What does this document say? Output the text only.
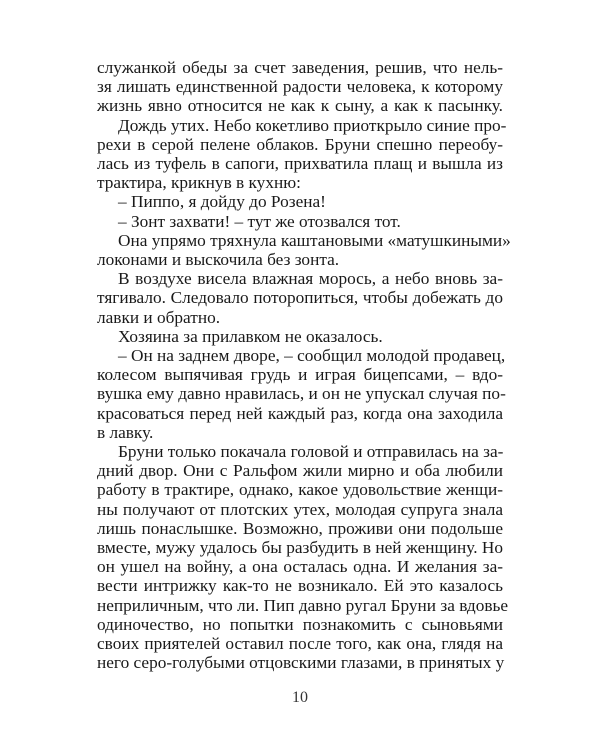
служанкой обеды за счет заведения, решив, что нель-
зя лишать единственной радости человека, к которому
жизнь явно относится не как к сыну, а как к пасынку.
Дождь утих. Небо кокетливо приоткрыло синие про-
рехи в серой пелене облаков. Бруни спешно переобу-
лась из туфель в сапоги, прихватила плащ и вышла из
трактира, крикнув в кухню:
– Пиппо, я дойду до Розена!
– Зонт захвати! – тут же отозвался тот.
Она упрямо тряхнула каштановыми «матушкиными»
локонами и выскочила без зонта.
В воздухе висела влажная морось, а небо вновь за-
тягивало. Следовало поторопиться, чтобы добежать до
лавки и обратно.
Хозяина за прилавком не оказалось.
– Он на заднем дворе, – сообщил молодой продавец,
колесом выпячивая грудь и играя бицепсами, – вдо-
вушка ему давно нравилась, и он не упускал случая по-
красоваться перед ней каждый раз, когда она заходила
в лавку.
Бруни только покачала головой и отправилась на за-
дний двор. Они с Ральфом жили мирно и оба любили
работу в трактире, однако, какое удовольствие женщи-
ны получают от плотских утех, молодая супруга знала
лишь понаслышке. Возможно, проживи они подольше
вместе, мужу удалось бы разбудить в ней женщину. Но
он ушел на войну, а она осталась одна. И желания за-
вести интрижку как-то не возникало. Ей это казалось
неприличным, что ли. Пип давно ругал Бруни за вдовье
одиночество, но попытки познакомить с сыновьями
своих приятелей оставил после того, как она, глядя на
него серо-голубыми отцовскими глазами, в принятых у
10
